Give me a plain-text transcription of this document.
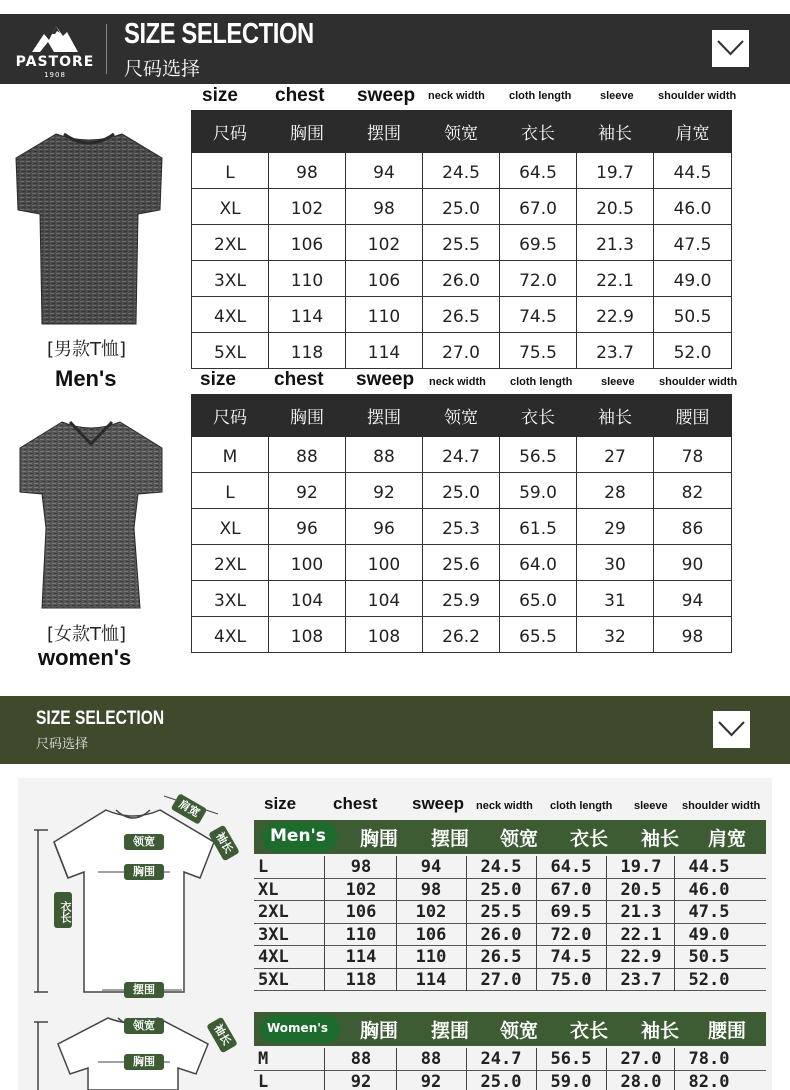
PASTORE
1908
SIZE SELECTION
尺码选择
size chest sweep neck width cloth length	sleeve shoulder width
[男款T恤]
Men's
尺码	胸围	摆围	领宽	衣长	袖长	肩宽
L	98	94	24.5	64.5	19.7	44.5
XL	102	98	25.0	67.0	20.5	46.0
2XL	106	102	25.5	69.5	21.3	47.5
3XL	110	106	26.0	72.0	22.1	49.0
4XL	114	110	26.5	74.5	22.9	50.5
5XL	118	114	27.0	75.5	23.7	52.0
size chest sweep neck width cloth length	sleeve shoulder width
[女款T恤]
women's
尺码	胸围	摆围	领宽	衣长	袖长	腰围
M	88	88	24.7	56.5	27	78
L	92	92	25.0	59.0	28	82
XL	96	96	25.3	61.5	29	86
2XL	100	100	25.6	64.0	30	90
3XL	104	104	25.9	65.0	31	94
4XL	108	108	26.2	65.5	32	98
SIZE SELECTION
尺码选择
肩宽
袖长
领宽
胸围
衣长
摆围
领宽
胸围
袖长
size chest sweep neck width cloth length sleeve shoulder width
Men's	胸围	摆围	领宽	衣长	袖长	肩宽
L	98	94	24.5	64.5	19.7	44.5
XL	102	98	25.0	67.0	20.5	46.0
2XL	106	102	25.5	69.5	21.3	47.5
3XL	110	106	26.0	72.0	22.1	49.0
4XL	114	110	26.5	74.5	22.9	50.5
5XL	118	114	27.0	75.0	23.7	52.0
Women's	胸围	摆围	领宽	衣长	袖长	腰围
M	88	88	24.7	56.5	27.0	78.0
L	92	92	25.0	59.0	28.0	82.0
